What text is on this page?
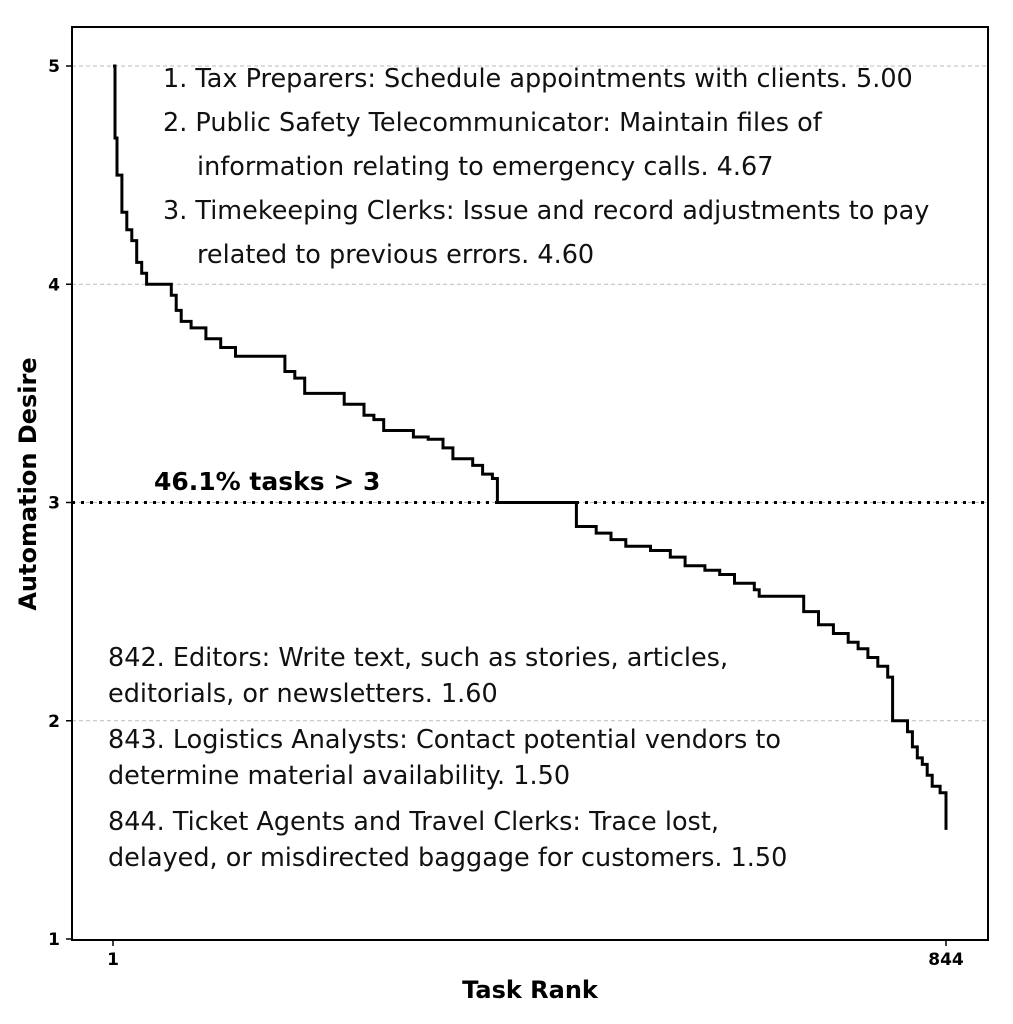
1
2
3
4
5
1	844
46.1% tasks > 3
1. Tax Preparers: Schedule appointments with clients. 5.00
2. Public Safety Telecommunicator: Maintain files of
information relating to emergency calls. 4.67
3. Timekeeping Clerks: Issue and record adjustments to pay
related to previous errors. 4.60
842. Editors: Write text, such as stories, articles,
editorials, or newsletters. 1.60
843. Logistics Analysts: Contact potential vendors to
determine material availability. 1.50
844. Ticket Agents and Travel Clerks: Trace lost,
delayed, or misdirected baggage for customers. 1.50
Task Rank
Automation Desire
